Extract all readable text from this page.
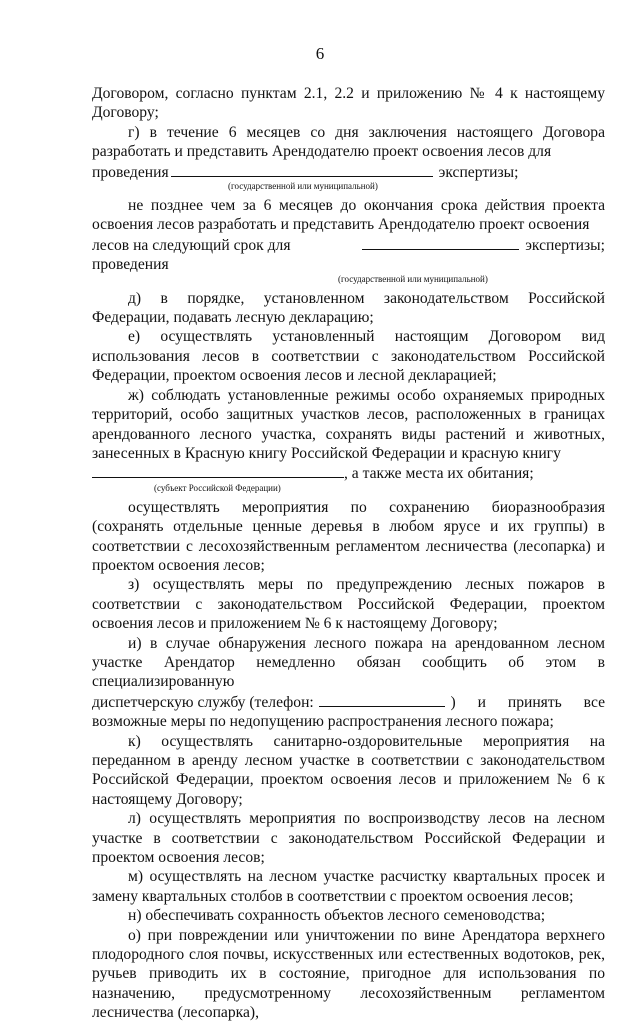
6

Договором, согласно пунктам 2.1, 2.2 и приложению № 4 к настоящему Договору;

г) в течение 6 месяцев со дня заключения настоящего Договора разработать и представить Арендодателю проект освоения лесов для

проведения	экспертизы;

(государственной или муниципальной)

не позднее чем за 6 месяцев до окончания срока действия проекта освоения лесов разработать и представить Арендодателю проект освоения

лесов на следующий срок для проведения
экспертизы;

(государственной или муниципальной)

д) в порядке, установленном законодательством Российской Федерации, подавать лесную декларацию;

е) осуществлять установленный настоящим Договором вид использования лесов в соответствии с законодательством Российской Федерации, проектом освоения лесов и лесной декларацией;

ж) соблюдать установленные режимы особо охраняемых природных территорий, особо защитных участков лесов, расположенных в границах арендованного лесного участка, сохранять виды растений и животных, занесенных в Красную книгу Российской Федерации и красную книгу

, а также места их обитания;

(субъект Российской Федерации)

осуществлять мероприятия по сохранению биоразнообразия (сохранять отдельные ценные деревья в любом ярусе и их группы) в соответствии с лесохозяйственным регламентом лесничества (лесопарка) и проектом освоения лесов;

з) осуществлять меры по предупреждению лесных пожаров в соответствии с законодательством Российской Федерации, проектом освоения лесов и приложением № 6 к настоящему Договору;

и) в случае обнаружения лесного пожара на арендованном лесном участке Арендатор немедленно обязан сообщить об этом в специализированную

диспетчерскую службу (телефон:	) и принять все

возможные меры по недопущению распространения лесного пожара;

к) осуществлять санитарно-оздоровительные мероприятия на переданном в аренду лесном участке в соответствии с законодательством Российской Федерации, проектом освоения лесов и приложением № 6 к настоящему Договору;

л) осуществлять мероприятия по воспроизводству лесов на лесном участке в соответствии с законодательством Российской Федерации и проектом освоения лесов;

м) осуществлять на лесном участке расчистку квартальных просек и замену квартальных столбов в соответствии с проектом освоения лесов;

н) обеспечивать сохранность объектов лесного семеноводства;

о) при повреждении или уничтожении по вине Арендатора верхнего плодородного слоя почвы, искусственных или естественных водотоков, рек, ручьев приводить их в состояние, пригодное для использования по назначению, предусмотренному лесохозяйственным регламентом лесничества (лесопарка),
